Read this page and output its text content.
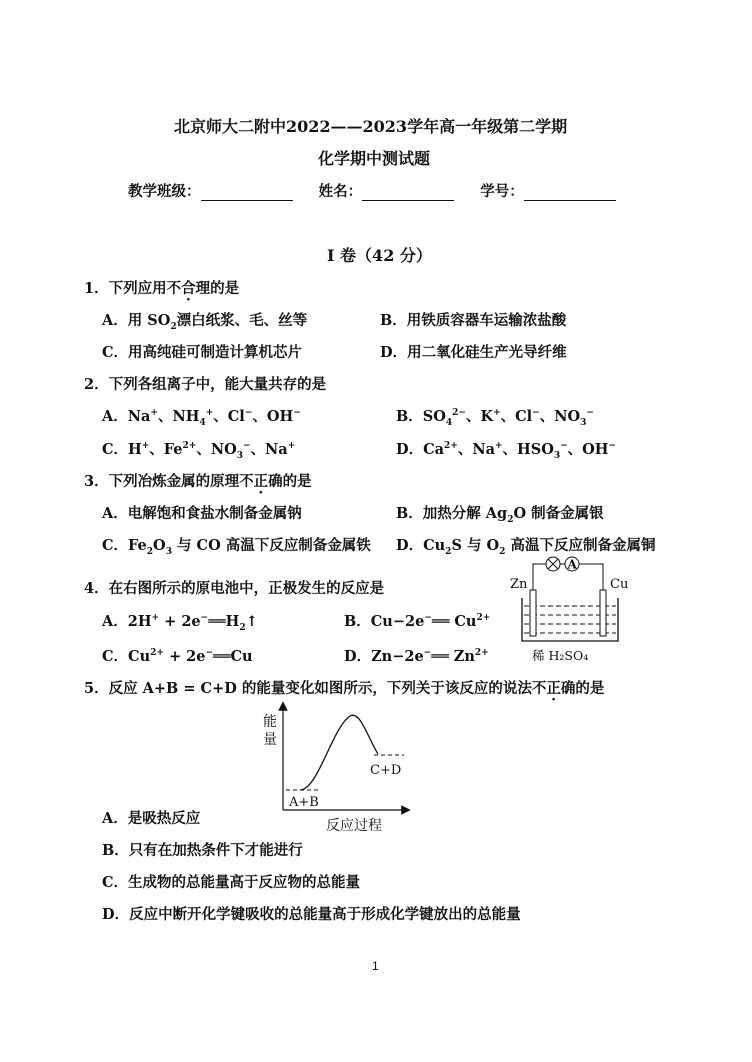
北京师大二附中2022——2023学年高一年级第二学期
化学期中测试题
教学班级：	姓名：	学号：
I 卷（42 分）
1．下列应用不合理的是
A．用 $SO_2$漂白纸浆、毛、丝等	B．用铁质容器车运输浓盐酸
C．用高纯硅可制造计算机芯片	D．用二氧化硅生产光导纤维
2．下列各组离子中，能大量共存的是
A．Na+、$NH_4^+$、Cl−、OH−	B．$SO_4^{2-}$、K+、Cl−、$NO_3^-$
C．H+、$Fe^{2+}$、$NO_3^-$、Na+	D．$Ca^{2+}$、Na+、$HSO_3^-$、OH−
3．下列冶炼金属的原理不正确的是
A．电解饱和食盐水制备金属钠	B．加热分解 $Ag_2O$ 制备金属银
C．$Fe_2O_3$ 与 CO 高温下反应制备金属铁 D．$Cu_2S$ 与 $O_2$ 高温下反应制备金属铜
4．在右图所示的原电池中，正极发生的反应是
A．$2H^+ + 2e^-══H_2↑$	B．Cu−2e−══ $Cu^{2+}$
C．$Cu^{2+}$ + 2e−══Cu	D．Zn−2e−══ $Zn^{2+}$
A
Zn	Cu
稀 H₂SO₄
5．反应 A+B = C+D 的能量变化如图所示，下列关于该反应的说法不正确的是
能
量
A+B
C+D
反应过程
A．是吸热反应
B．只有在加热条件下才能进行
C．生成物的总能量高于反应物的总能量
D．反应中断开化学键吸收的总能量高于形成化学键放出的总能量
1
